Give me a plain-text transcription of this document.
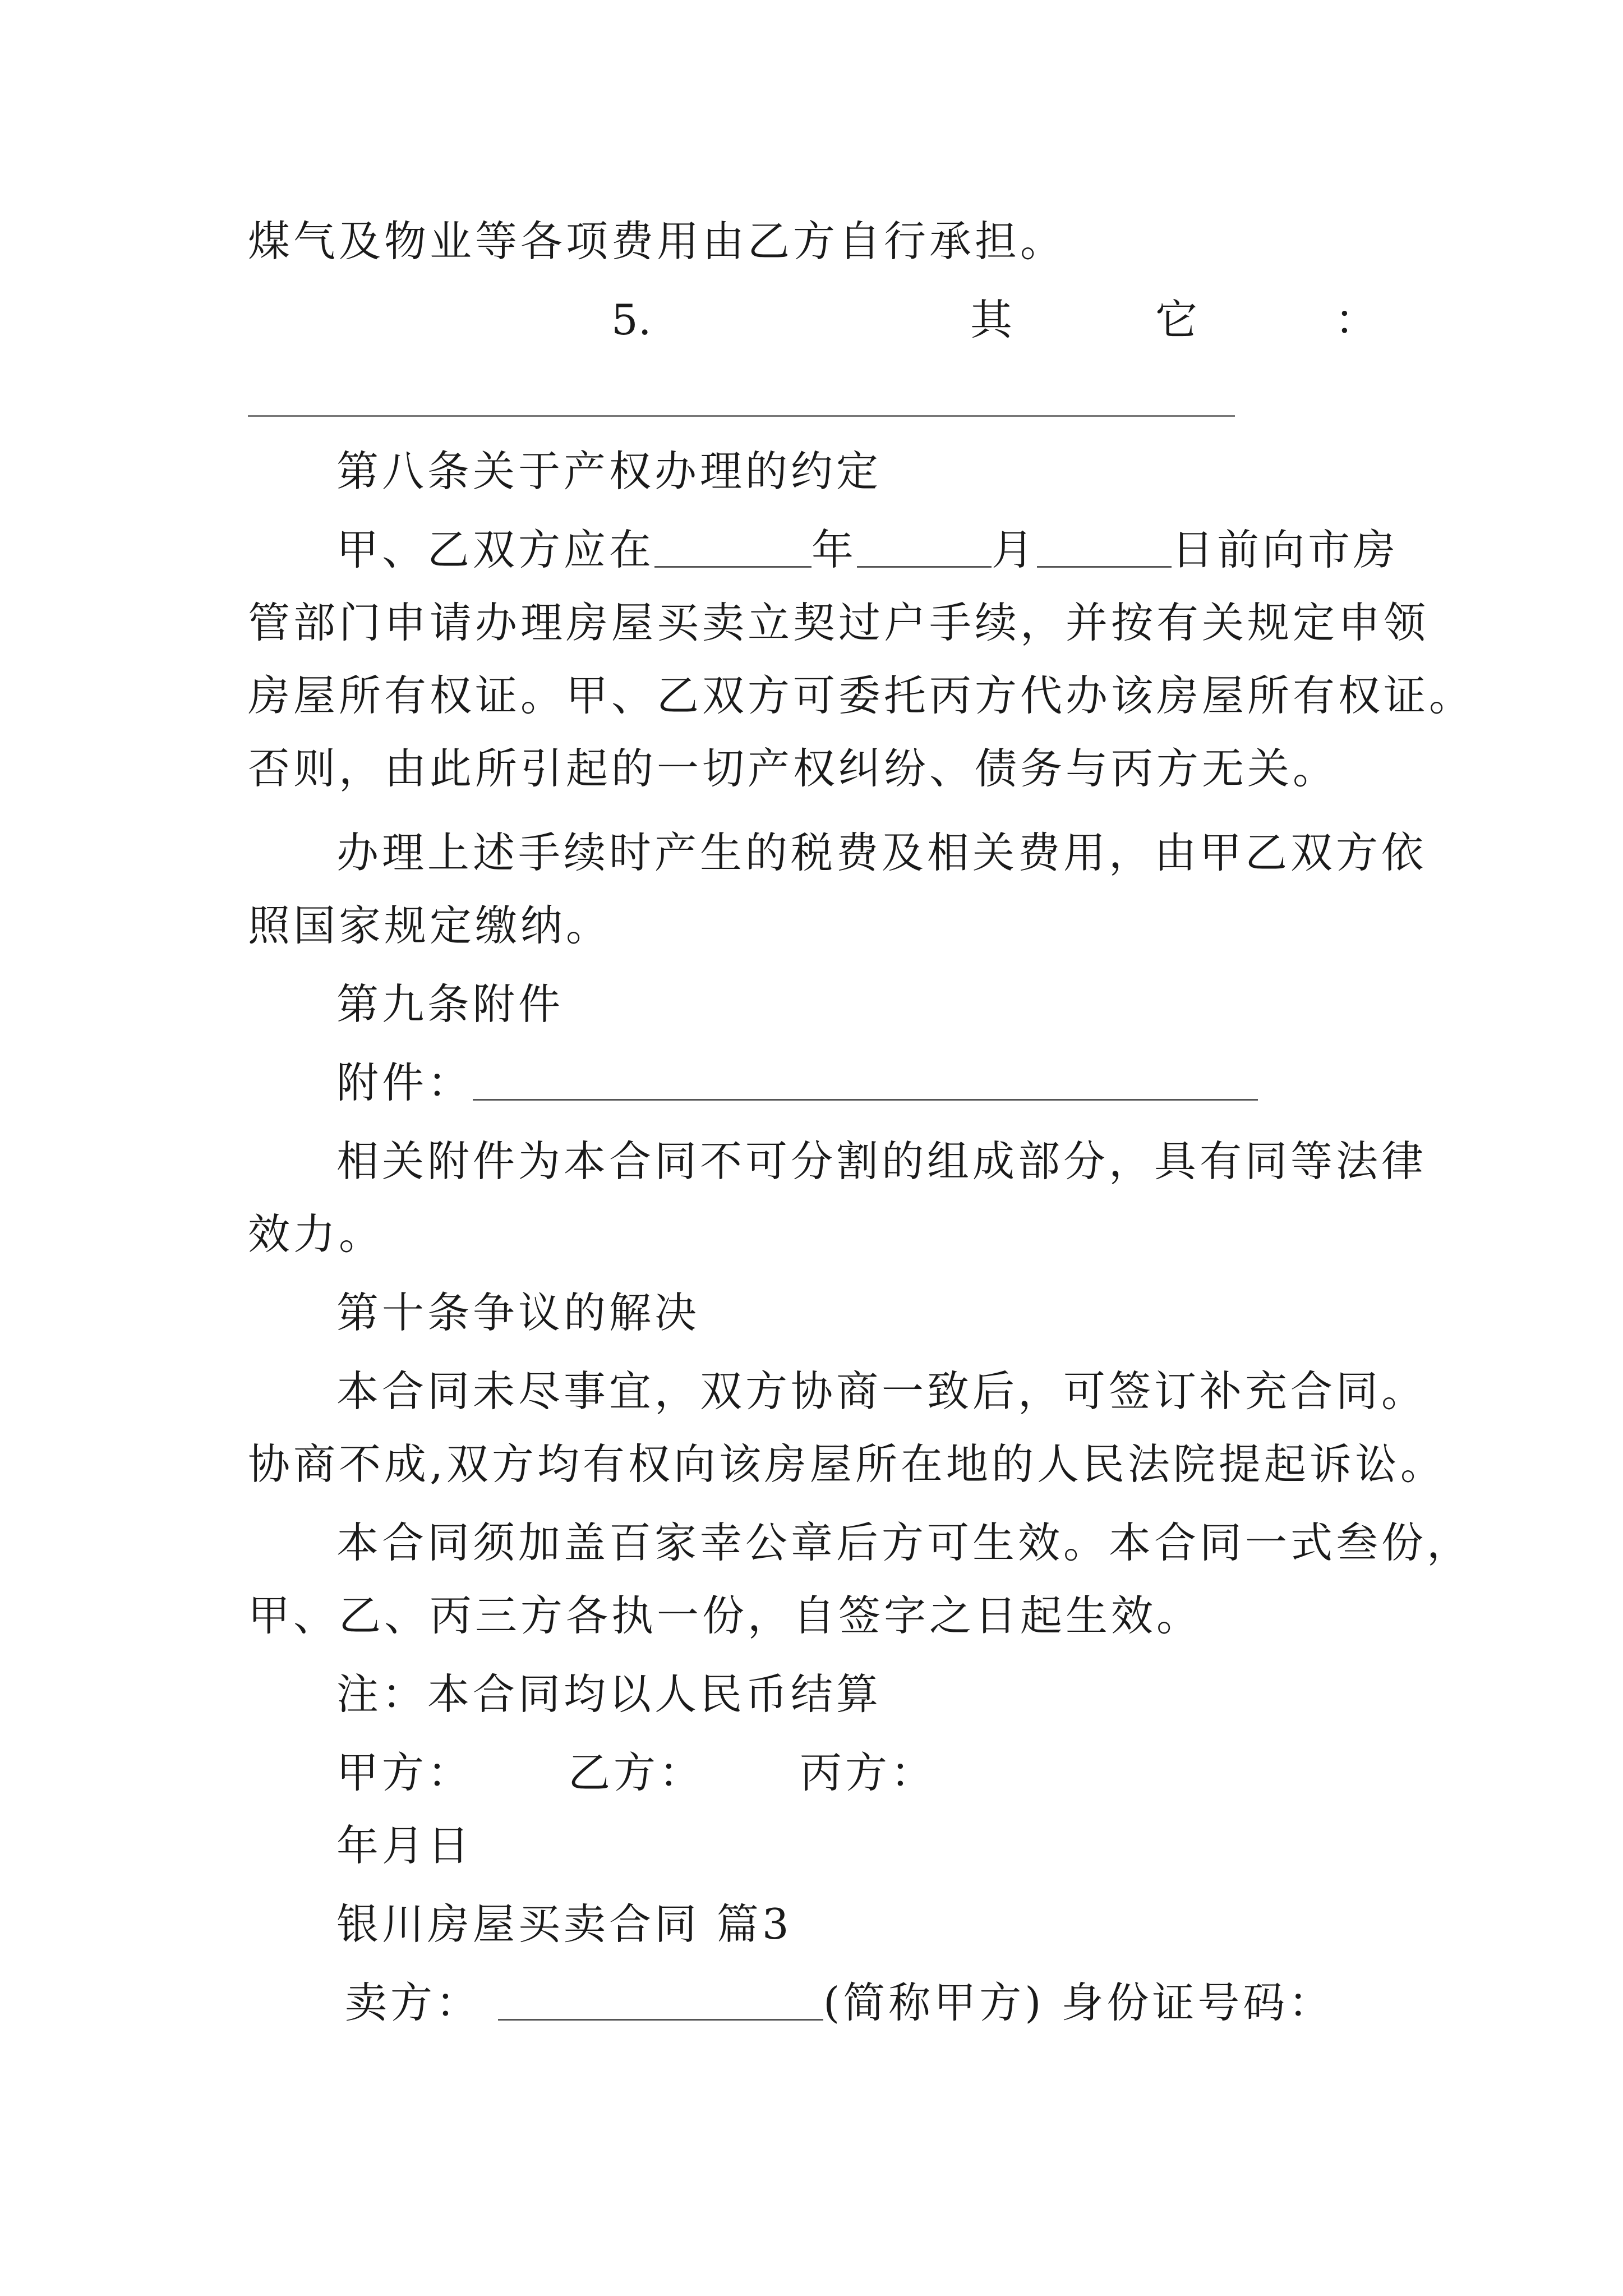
煤气及物业等各项费用由乙方自行承担。
5.	其	它	：
第八条关于产权办理的约定
甲、乙双方应在	年	月	日前向市房
管部门申请办理房屋买卖立契过户手续，并按有关规定申领
房屋所有权证。甲、乙双方可委托丙方代办该房屋所有权证。
否则，由此所引起的一切产权纠纷、债务与丙方无关。
办理上述手续时产生的税费及相关费用，由甲乙双方依
照国家规定缴纳。
第九条附件
附件：
相关附件为本合同不可分割的组成部分，具有同等法律
效力。
第十条争议的解决
本合同未尽事宜，双方协商一致后，可签订补充合同。
协商不成,双方均有权向该房屋所在地的人民法院提起诉讼。
本合同须加盖百家幸公章后方可生效。本合同一式叁份，
甲、乙、丙三方各执一份，自签字之日起生效。
注：本合同均以人民币结算
甲方： 乙方： 丙方：
年月日
银川房屋买卖合同 篇3
卖方：	(简称甲方) 身份证号码：
